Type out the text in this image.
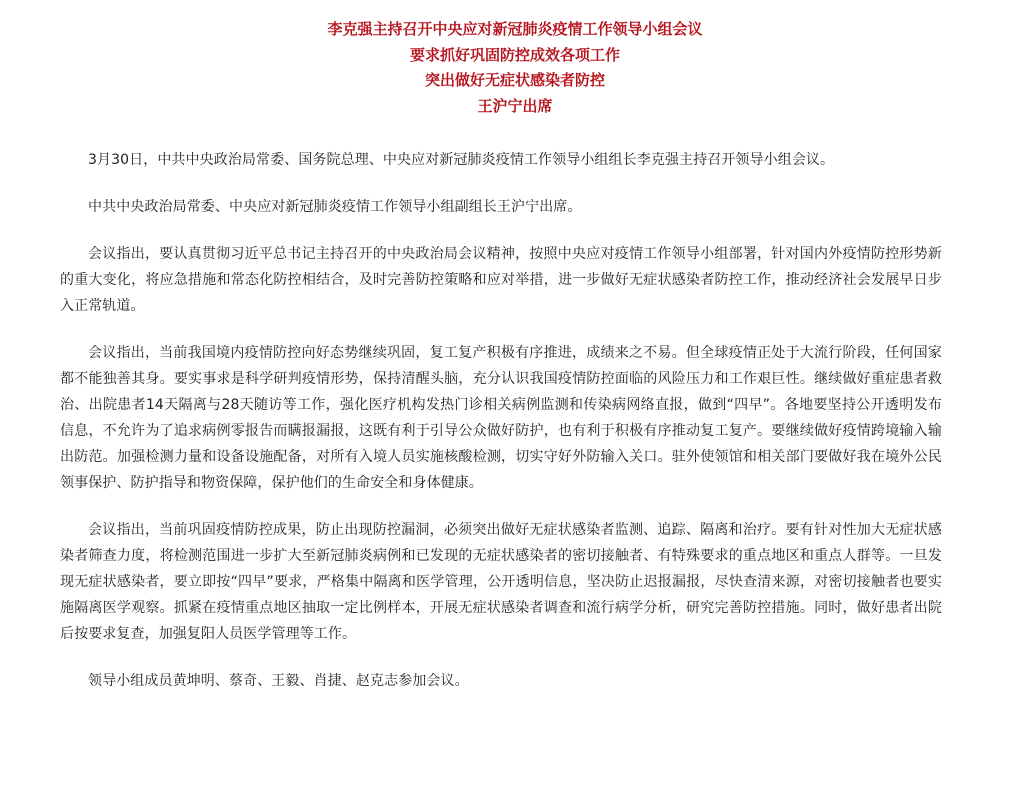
李克强主持召开中央应对新冠肺炎疫情工作领导小组会议
要求抓好巩固防控成效各项工作
突出做好无症状感染者防控
王沪宁出席

3月30日，中共中央政治局常委、国务院总理、中央应对新冠肺炎疫情工作领导小组组长李克强主持召开领导小组会议。

中共中央政治局常委、中央应对新冠肺炎疫情工作领导小组副组长王沪宁出席。

会议指出，要认真贯彻习近平总书记主持召开的中央政治局会议精神，按照中央应对疫情工作领导小组部署，针对国内外疫情防控形势新的重大变化，将应急措施和常态化防控相结合，及时完善防控策略和应对举措，进一步做好无症状感染者防控工作，推动经济社会发展早日步入正常轨道。

会议指出，当前我国境内疫情防控向好态势继续巩固，复工复产积极有序推进，成绩来之不易。但全球疫情正处于大流行阶段，任何国家都不能独善其身。要实事求是科学研判疫情形势，保持清醒头脑，充分认识我国疫情防控面临的风险压力和工作艰巨性。继续做好重症患者救治、出院患者14天隔离与28天随访等工作，强化医疗机构发热门诊相关病例监测和传染病网络直报，做到“四早”。各地要坚持公开透明发布信息，不允许为了追求病例零报告而瞒报漏报，这既有利于引导公众做好防护，也有利于积极有序推动复工复产。要继续做好疫情跨境输入输出防范。加强检测力量和设备设施配备，对所有入境人员实施核酸检测，切实守好外防输入关口。驻外使领馆和相关部门要做好我在境外公民领事保护、防护指导和物资保障，保护他们的生命安全和身体健康。

会议指出，当前巩固疫情防控成果，防止出现防控漏洞，必须突出做好无症状感染者监测、追踪、隔离和治疗。要有针对性加大无症状感染者筛查力度，将检测范围进一步扩大至新冠肺炎病例和已发现的无症状感染者的密切接触者、有特殊要求的重点地区和重点人群等。一旦发现无症状感染者，要立即按“四早”要求，严格集中隔离和医学管理，公开透明信息，坚决防止迟报漏报，尽快查清来源，对密切接触者也要实施隔离医学观察。抓紧在疫情重点地区抽取一定比例样本，开展无症状感染者调查和流行病学分析，研究完善防控措施。同时，做好患者出院后按要求复查，加强复阳人员医学管理等工作。

领导小组成员黄坤明、蔡奇、王毅、肖捷、赵克志参加会议。
